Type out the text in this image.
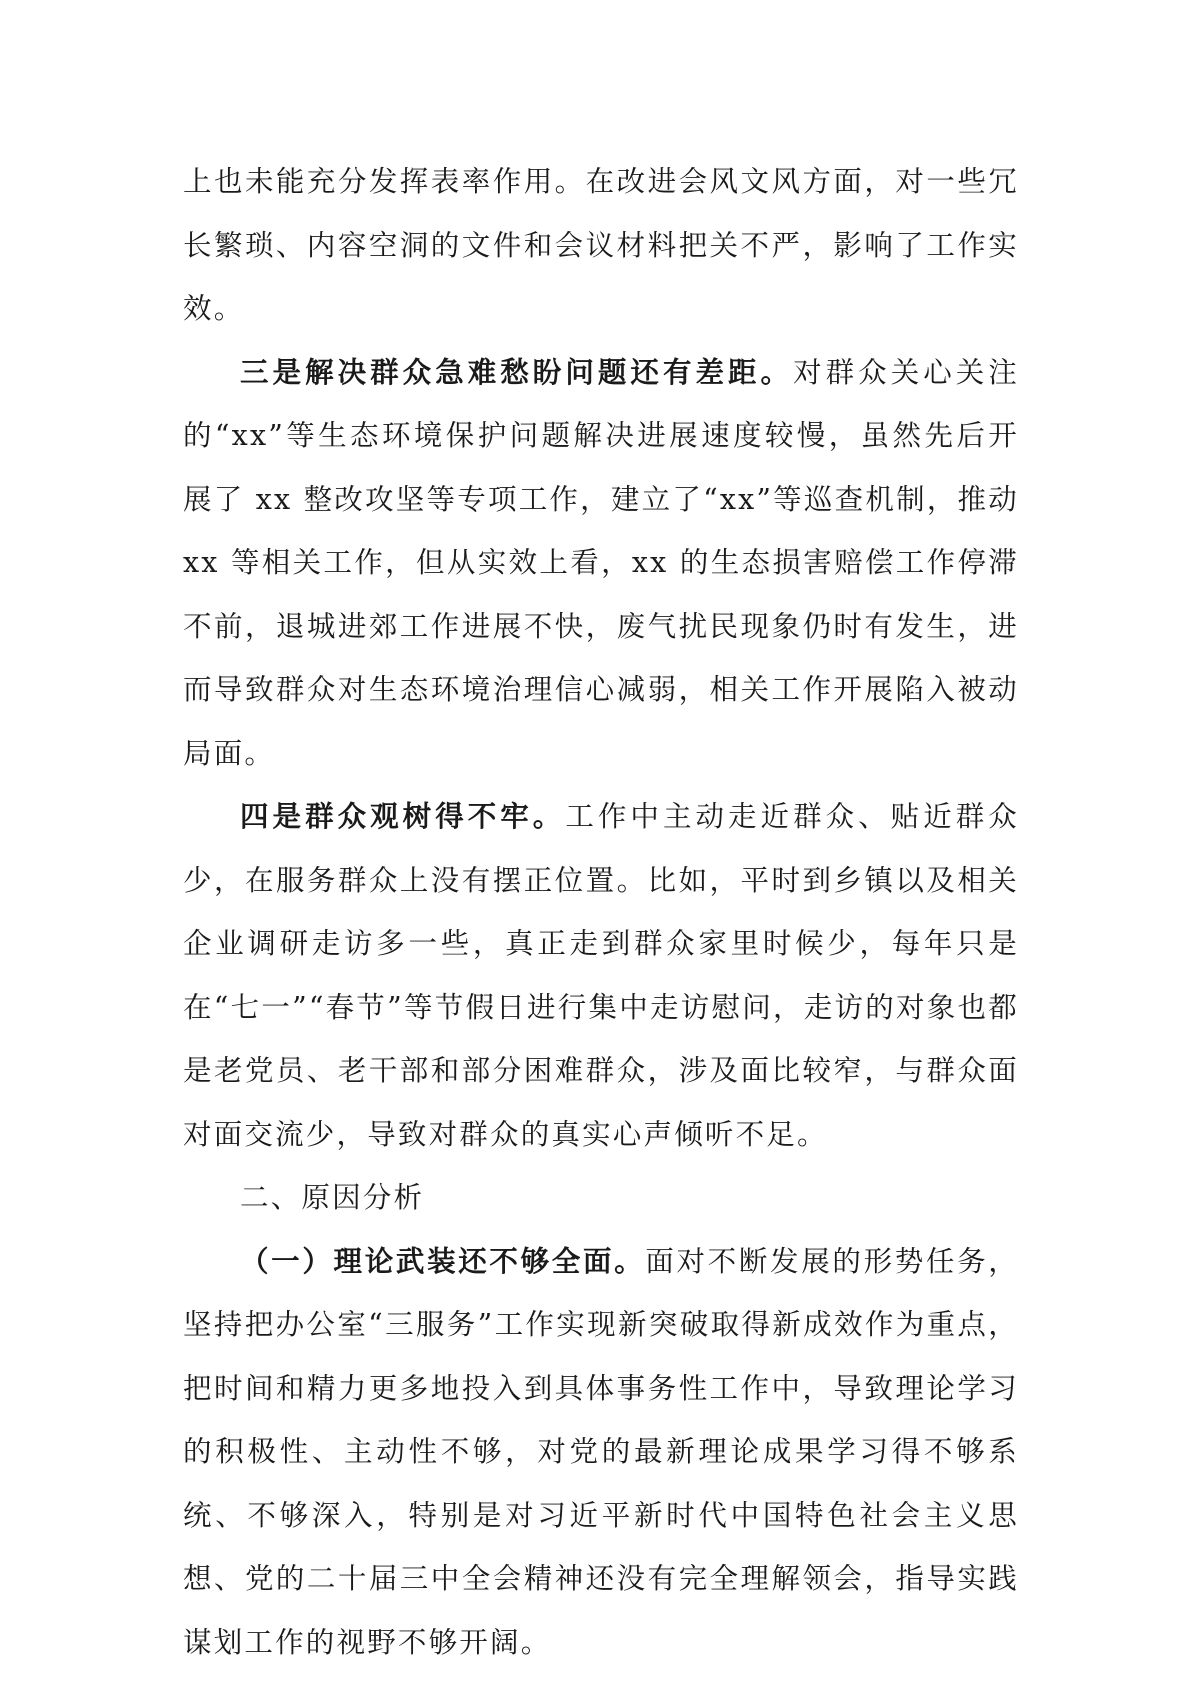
上也未能充分发挥表率作用。在改进会风文风方面，对一些冗长繁琐、内容空洞的文件和会议材料把关不严，影响了工作实效。

三是解决群众急难愁盼问题还有差距。对群众关心关注的“xx”等生态环境保护问题解决进展速度较慢，虽然先后开展了 xx 整改攻坚等专项工作，建立了“xx”等巡查机制，推动 xx 等相关工作，但从实效上看，xx 的生态损害赔偿工作停滞不前，退城进郊工作进展不快，废气扰民现象仍时有发生，进而导致群众对生态环境治理信心减弱，相关工作开展陷入被动局面。

四是群众观树得不牢。工作中主动走近群众、贴近群众少，在服务群众上没有摆正位置。比如，平时到乡镇以及相关企业调研走访多一些，真正走到群众家里时候少，每年只是在“七一”“春节”等节假日进行集中走访慰问，走访的对象也都是老党员、老干部和部分困难群众，涉及面比较窄，与群众面对面交流少，导致对群众的真实心声倾听不足。

二、原因分析

（一）理论武装还不够全面。面对不断发展的形势任务，坚持把办公室“三服务”工作实现新突破取得新成效作为重点，把时间和精力更多地投入到具体事务性工作中，导致理论学习的积极性、主动性不够，对党的最新理论成果学习得不够系统、不够深入，特别是对习近平新时代中国特色社会主义思想、党的二十届三中全会精神还没有完全理解领会，指导实践谋划工作的视野不够开阔。
